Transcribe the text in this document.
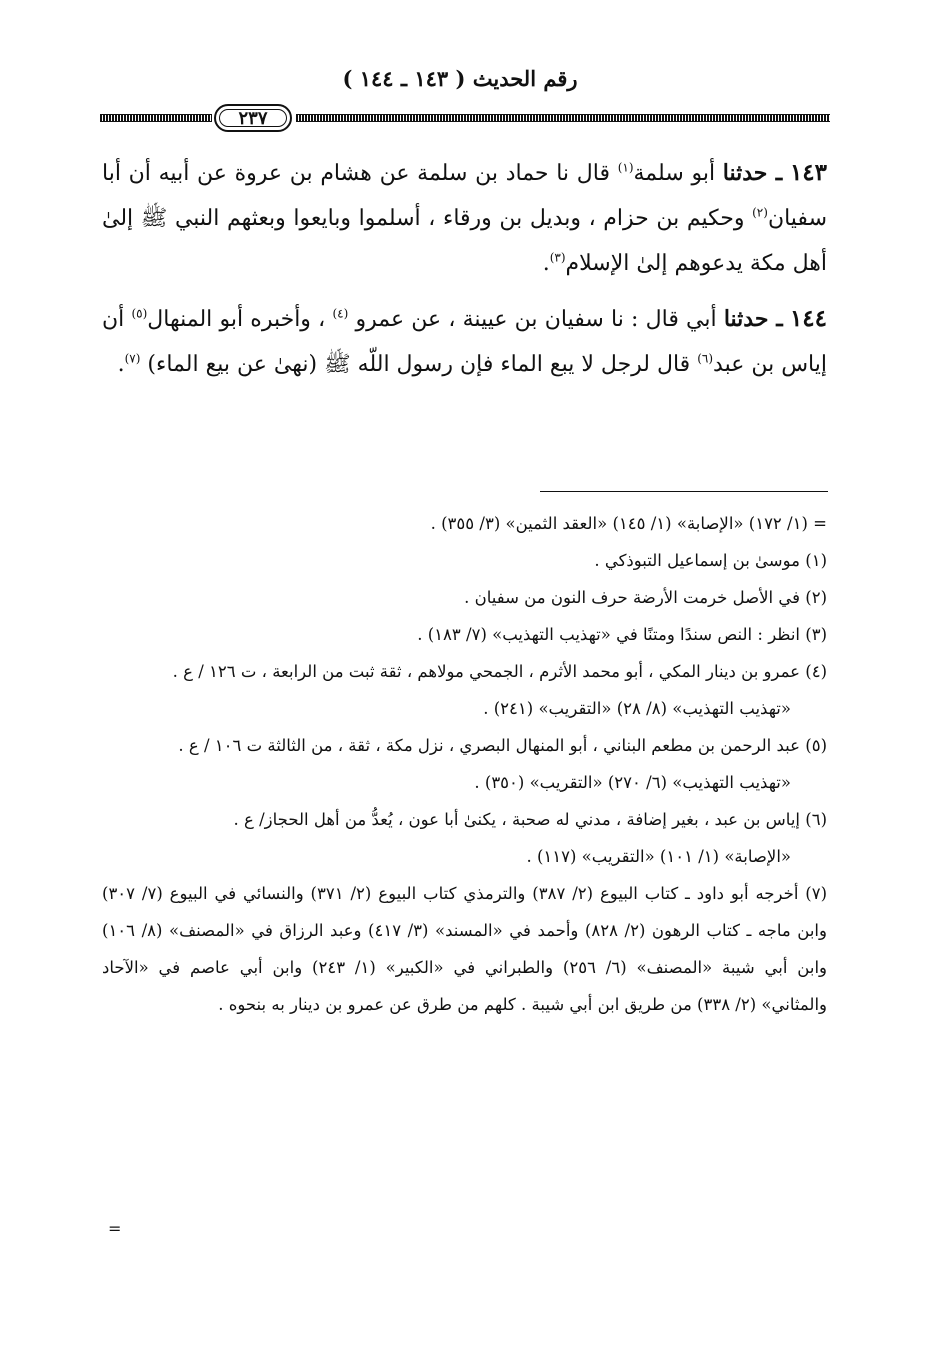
رقم الحديث ( ١٤٣ ـ ١٤٤ )
٢٣٧

١٤٣ ـ حدثنا أبو سلمة$^{(١)}$ قال نا حماد بن سلمة عن هشام بن عروة عن أبيه أن أبا سفيان$^{(٢)}$ وحكيم بن حزام ، وبديل بن ورقاء ، أسلموا وبايعوا وبعثهم النبي ﷺ إلىٰ أهل مكة يدعوهم إلىٰ الإسلام$^{(٣)}$.

١٤٤ ـ حدثنا أبي قال : نا سفيان بن عيينة ، عن عمرو $^{(٤)}$ ، وأخبره أبو المنهال$^{(٥)}$ أن إياس بن عبد$^{(٦)}$ قال لرجل لا يبع الماء فإن رسول اللّه ﷺ (نهىٰ عن بيع الماء) $^{(٧)}$.

= (١/ ١٧٢) «الإصابة» (١/ ١٤٥) «العقد الثمين» (٣/ ٣٥٥) .

(١) موسىٰ بن إسماعيل التبوذكي .

(٢) في الأصل خرمت الأرضة حرف النون من سفيان .

(٣) انظر : النص سندًا ومتنًا في «تهذيب التهذيب» (٧/ ١٨٣) .

(٤) عمرو بن دينار المكي ، أبو محمد الأثرم ، الجمحي مولاهم ، ثقة ثبت من الرابعة ، ت ١٢٦ / ع .

«تهذيب التهذيب» (٨/ ٢٨) «التقريب» (٢٤١) .

(٥) عبد الرحمن بن مطعم البناني ، أبو المنهال البصري ، نزل مكة ، ثقة ، من الثالثة ت ١٠٦ / ع .

«تهذيب التهذيب» (٦/ ٢٧٠) «التقريب» (٣٥٠) .

(٦) إياس بن عبد ، بغير إضافة ، مدني له صحبة ، يكنىٰ أبا عون ، يُعدُّ من أهل الحجاز/ ع .

«الإصابة» (١/ ١٠١) «التقريب» (١١٧) .

(٧) أخرجه أبو داود ـ كتاب البيوع (٢/ ٣٨٧) والترمذي كتاب البيوع (٢/ ٣٧١) والنسائي في البيوع (٧/ ٣٠٧) وابن ماجه ـ كتاب الرهون (٢/ ٨٢٨) وأحمد في «المسند» (٣/ ٤١٧) وعبد الرزاق في «المصنف» (٨/ ١٠٦) وابن أبي شيبة «المصنف» (٦/ ٢٥٦) والطبراني في «الكبير» (١/ ٢٤٣) وابن أبي عاصم في «الآحاد والمثاني» (٢/ ٣٣٨) من طريق ابن أبي شيبة . كلهم من طرق عن عمرو بن دينار به بنحوه .

=
